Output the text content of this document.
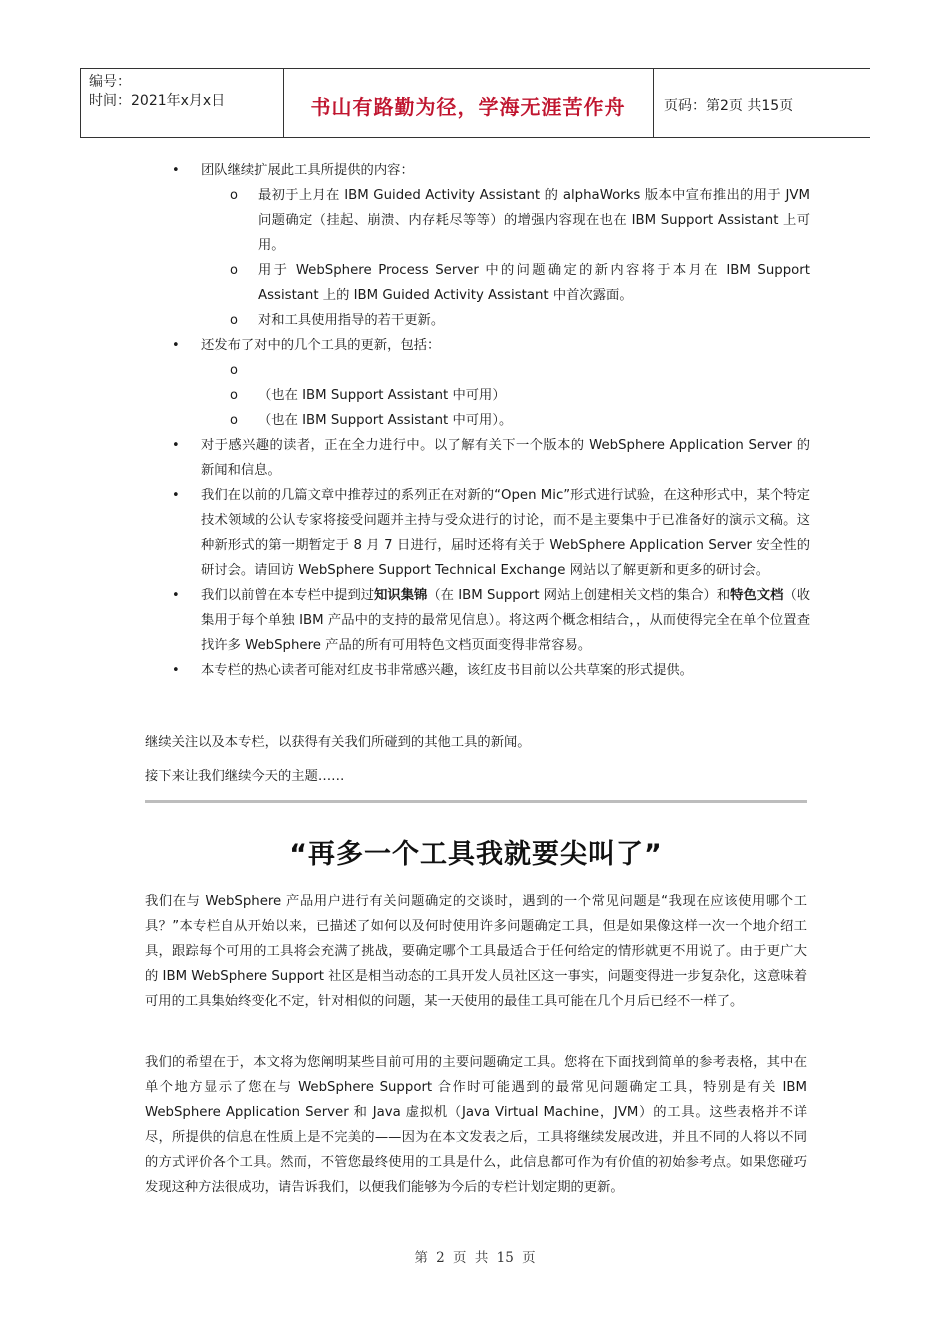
编号：
时间：2021年x月x日	书山有路勤为径，学海无涯苦作舟	页码：第2页 共15页
• 团队继续扩展此工具所提供的内容：
o	最初于上月在 IBM Guided Activity Assistant 的 alphaWorks 版本中宣布推出的用于 JVM 问题确定（挂起、崩溃、内存耗尽等等）的增强内容现在也在 IBM Support Assistant 上可用。
o	用于 WebSphere Process Server 中的问题确定的新内容将于本月在 IBM Support Assistant 上的 IBM Guided Activity Assistant 中首次露面。
o	对和工具使用指导的若干更新。
• 还发布了对中的几个工具的更新，包括：
o
o	（也在 IBM Support Assistant 中可用）
o	（也在 IBM Support Assistant 中可用）。
• 对于感兴趣的读者，正在全力进行中。以了解有关下一个版本的 WebSphere Application Server 的新闻和信息。
• 我们在以前的几篇文章中推荐过的系列正在对新的“Open Mic”形式进行试验，在这种形式中，某个特定技术领域的公认专家将接受问题并主持与受众进行的讨论，而不是主要集中于已准备好的演示文稿。这种新形式的第一期暂定于 8 月 7 日进行，届时还将有关于 WebSphere Application Server 安全性的研讨会。请回访 WebSphere Support Technical Exchange 网站以了解更新和更多的研讨会。
• 我们以前曾在本专栏中提到过知识集锦（在 IBM Support 网站上创建相关文档的集合）和特色文档（收集用于每个单独 IBM 产品中的支持的最常见信息）。将这两个概念相结合，，从而使得完全在单个位置查找许多 WebSphere 产品的所有可用特色文档页面变得非常容易。
• 本专栏的热心读者可能对红皮书非常感兴趣，该红皮书目前以公共草案的形式提供。
继续关注以及本专栏，以获得有关我们所碰到的其他工具的新闻。
接下来让我们继续今天的主题……
“再多一个工具我就要尖叫了”
我们在与 WebSphere 产品用户进行有关问题确定的交谈时，遇到的一个常见问题是“我现在应该使用哪个工具？”本专栏自从开始以来，已描述了如何以及何时使用许多问题确定工具，但是如果像这样一次一个地介绍工具，跟踪每个可用的工具将会充满了挑战，要确定哪个工具最适合于任何给定的情形就更不用说了。由于更广大的 IBM WebSphere Support 社区是相当动态的工具开发人员社区这一事实，问题变得进一步复杂化，这意味着可用的工具集始终变化不定，针对相似的问题，某一天使用的最佳工具可能在几个月后已经不一样了。
我们的希望在于，本文将为您阐明某些目前可用的主要问题确定工具。您将在下面找到简单的参考表格，其中在单个地方显示了您在与 WebSphere Support 合作时可能遇到的最常见问题确定工具，特别是有关 IBM WebSphere Application Server 和 Java 虚拟机（Java Virtual Machine，JVM）的工具。这些表格并不详尽，所提供的信息在性质上是不完美的——因为在本文发表之后，工具将继续发展改进，并且不同的人将以不同的方式评价各个工具。然而，不管您最终使用的工具是什么，此信息都可作为有价值的初始参考点。如果您碰巧发现这种方法很成功，请告诉我们，以便我们能够为今后的专栏计划定期的更新。
第 2 页 共 15 页
